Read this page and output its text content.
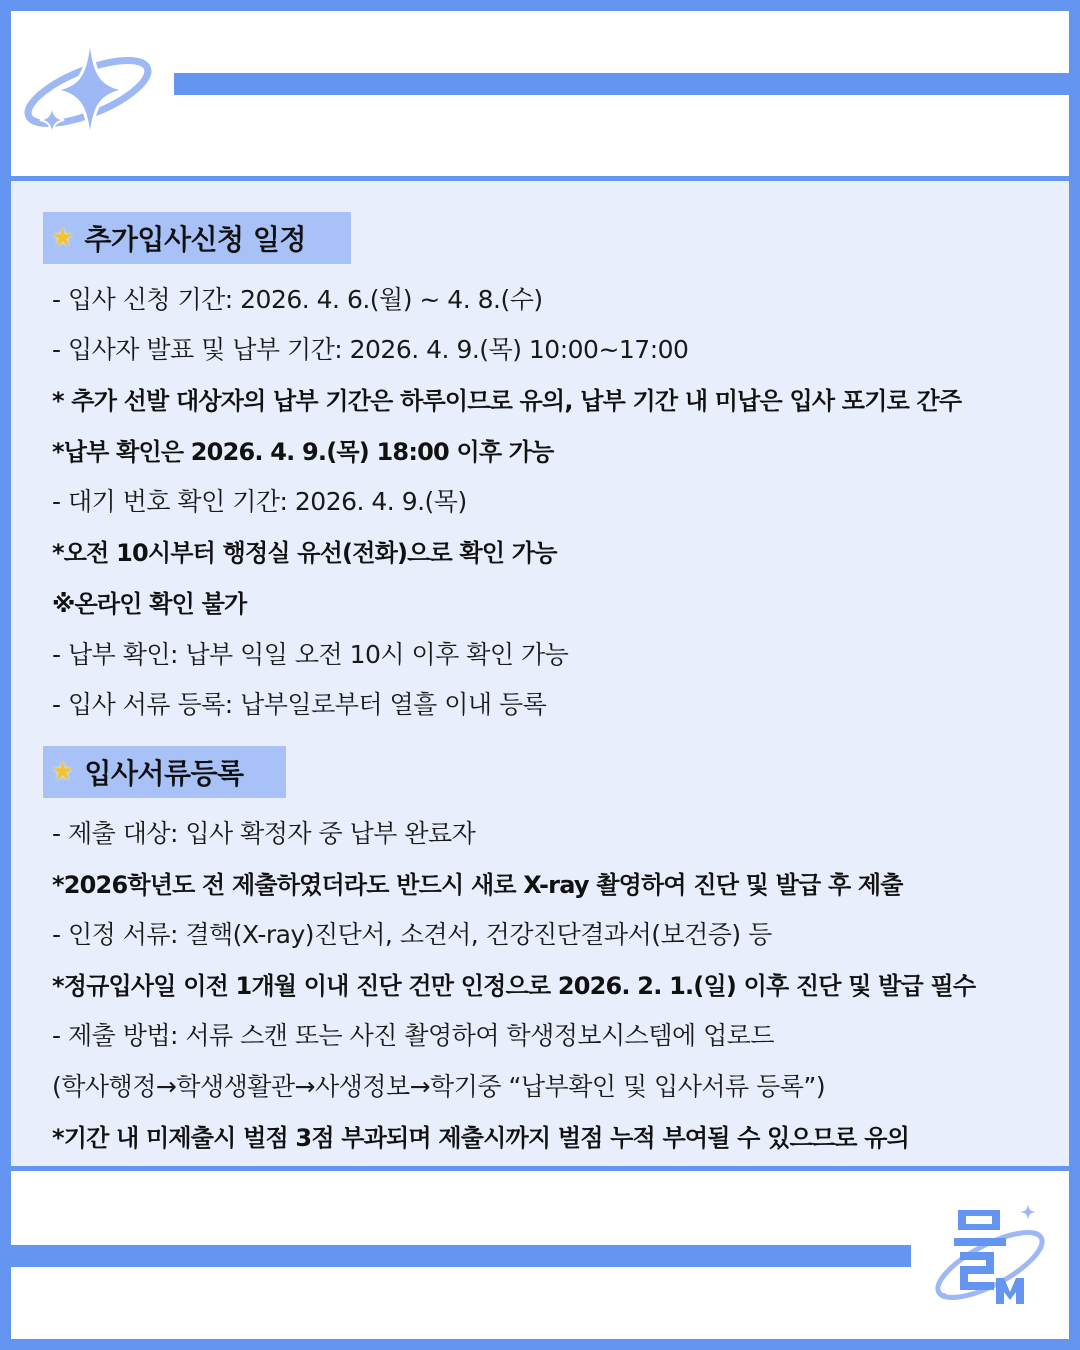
★ 추가입사신청 일정
- 입사 신청 기간: 2026. 4. 6.(월) ~ 4. 8.(수)
- 입사자 발표 및 납부 기간: 2026. 4. 9.(목) 10:00~17:00
* 추가 선발 대상자의 납부 기간은 하루이므로 유의, 납부 기간 내 미납은 입사 포기로 간주
*납부 확인은 2026. 4. 9.(목) 18:00 이후 가능
- 대기 번호 확인 기간: 2026. 4. 9.(목)
*오전 10시부터 행정실 유선(전화)으로 확인 가능
※온라인 확인 불가
- 납부 확인: 납부 익일 오전 10시 이후 확인 가능
- 입사 서류 등록: 납부일로부터 열흘 이내 등록
★ 입사서류등록
- 제출 대상: 입사 확정자 중 납부 완료자
*2026학년도 전 제출하였더라도 반드시 새로 X-ray 촬영하여 진단 및 발급 후 제출
- 인정 서류: 결핵(X-ray)진단서, 소견서, 건강진단결과서(보건증) 등
*정규입사일 이전 1개월 이내 진단 건만 인정으로 2026. 2. 1.(일) 이후 진단 및 발급 필수
- 제출 방법: 서류 스캔 또는 사진 촬영하여 학생정보시스템에 업로드
(학사행정→학생생활관→사생정보→학기중 “납부확인 및 입사서류 등록”)
*기간 내 미제출시 벌점 3점 부과되며 제출시까지 벌점 누적 부여될 수 있으므로 유의
